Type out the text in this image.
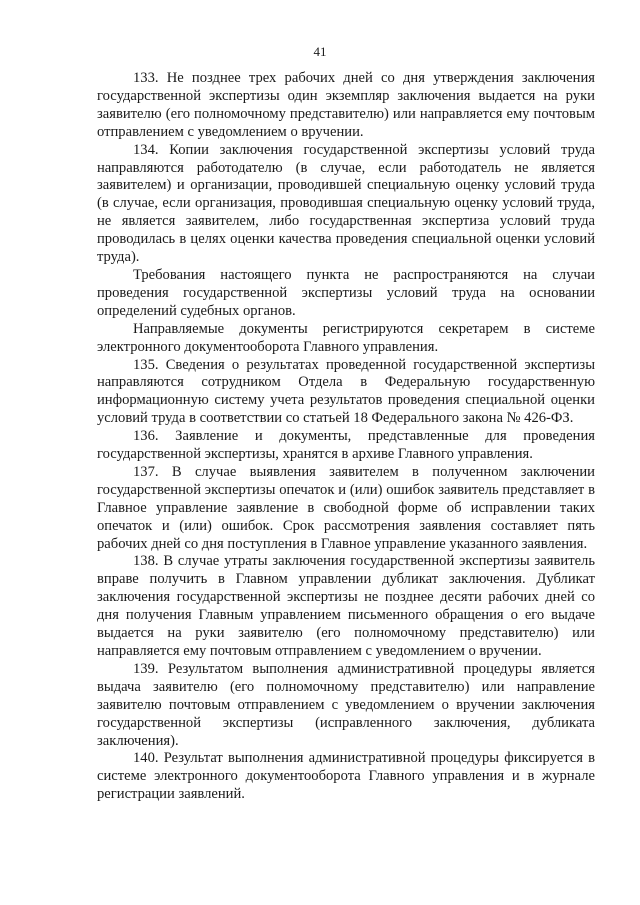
41

133. Не позднее трех рабочих дней со дня утверждения заключения государственной экспертизы один экземпляр заключения выдается на руки заявителю (его полномочному представителю) или направляется ему почтовым отправлением с уведомлением о вручении.

134. Копии заключения государственной экспертизы условий труда направляются работодателю (в случае, если работодатель не является заявителем) и организации, проводившей специальную оценку условий труда (в случае, если организация, проводившая специальную оценку условий труда, не является заявителем, либо государственная экспертиза условий труда проводилась в целях оценки качества проведения специальной оценки условий труда).

Требования настоящего пункта не распространяются на случаи проведения государственной экспертизы условий труда на основании определений судебных органов.

Направляемые документы регистрируются секретарем в системе электронного документооборота Главного управления.

135. Сведения о результатах проведенной государственной экспертизы направляются сотрудником Отдела в Федеральную государственную информационную систему учета результатов проведения специальной оценки условий труда в соответствии со статьей 18 Федерального закона № 426-ФЗ.

136. Заявление и документы, представленные для проведения государственной экспертизы, хранятся в архиве Главного управления.

137. В случае выявления заявителем в полученном заключении государственной экспертизы опечаток и (или) ошибок заявитель представляет в Главное управление заявление в свободной форме об исправлении таких опечаток и (или) ошибок. Срок рассмотрения заявления составляет пять рабочих дней со дня поступления в Главное управление указанного заявления.

138. В случае утраты заключения государственной экспертизы заявитель вправе получить в Главном управлении дубликат заключения. Дубликат заключения государственной экспертизы не позднее десяти рабочих дней со дня получения Главным управлением письменного обращения о его выдаче выдается на руки заявителю (его полномочному представителю) или направляется ему почтовым отправлением с уведомлением о вручении.

139. Результатом выполнения административной процедуры является выдача заявителю (его полномочному представителю) или направление заявителю почтовым отправлением с уведомлением о вручении заключения государственной экспертизы (исправленного заключения, дубликата заключения).

140. Результат выполнения административной процедуры фиксируется в системе электронного документооборота Главного управления и в журнале регистрации заявлений.
